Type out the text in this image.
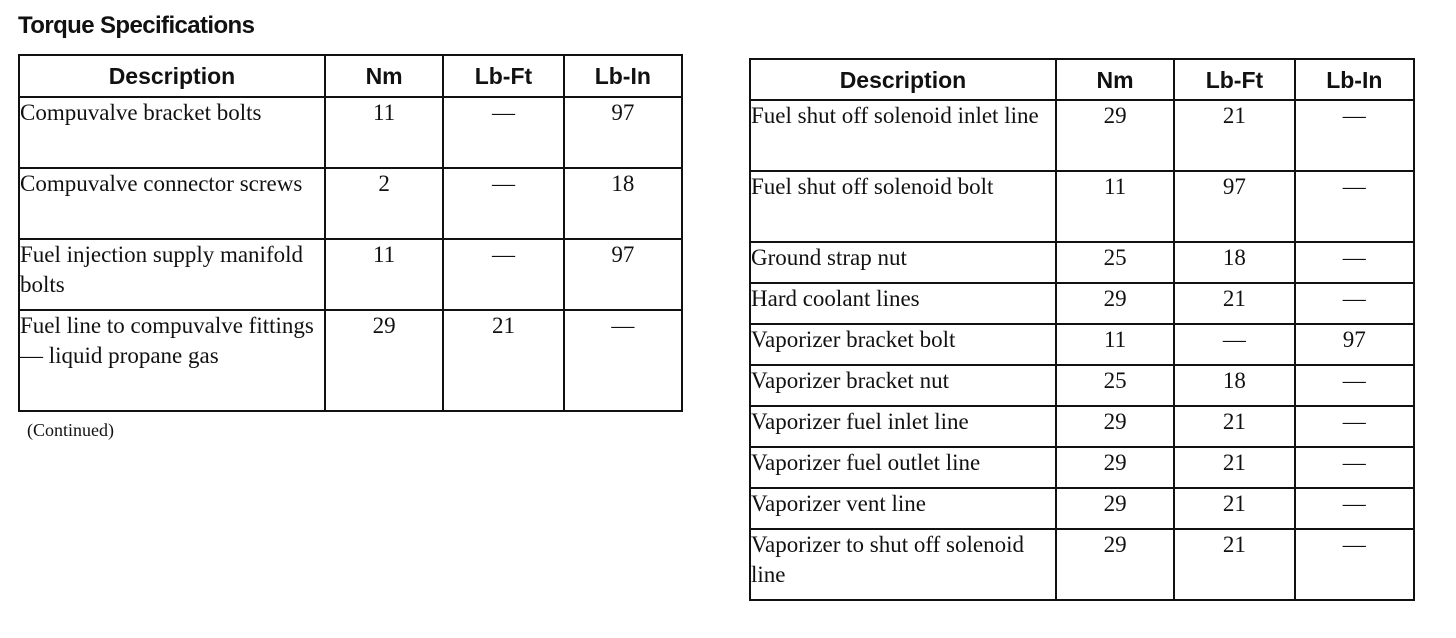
Torque Specifications
Description	Nm	Lb-Ft	Lb-In
Compuvalve bracket bolts	11	—	97
Compuvalve connector screws	2	—	18
Fuel injection supply manifold bolts	11	—	97
Fuel line to compuvalve fittings — liquid propane gas	29	21	—
(Continued)
Description	Nm	Lb-Ft	Lb-In
Fuel shut off solenoid inlet line	29	21	—
Fuel shut off solenoid bolt	11	97	—
Ground strap nut	25	18	—
Hard coolant lines	29	21	—
Vaporizer bracket bolt	11	—	97
Vaporizer bracket nut	25	18	—
Vaporizer fuel inlet line	29	21	—
Vaporizer fuel outlet line	29	21	—
Vaporizer vent line	29	21	—
Vaporizer to shut off solenoid line	29	21	—
